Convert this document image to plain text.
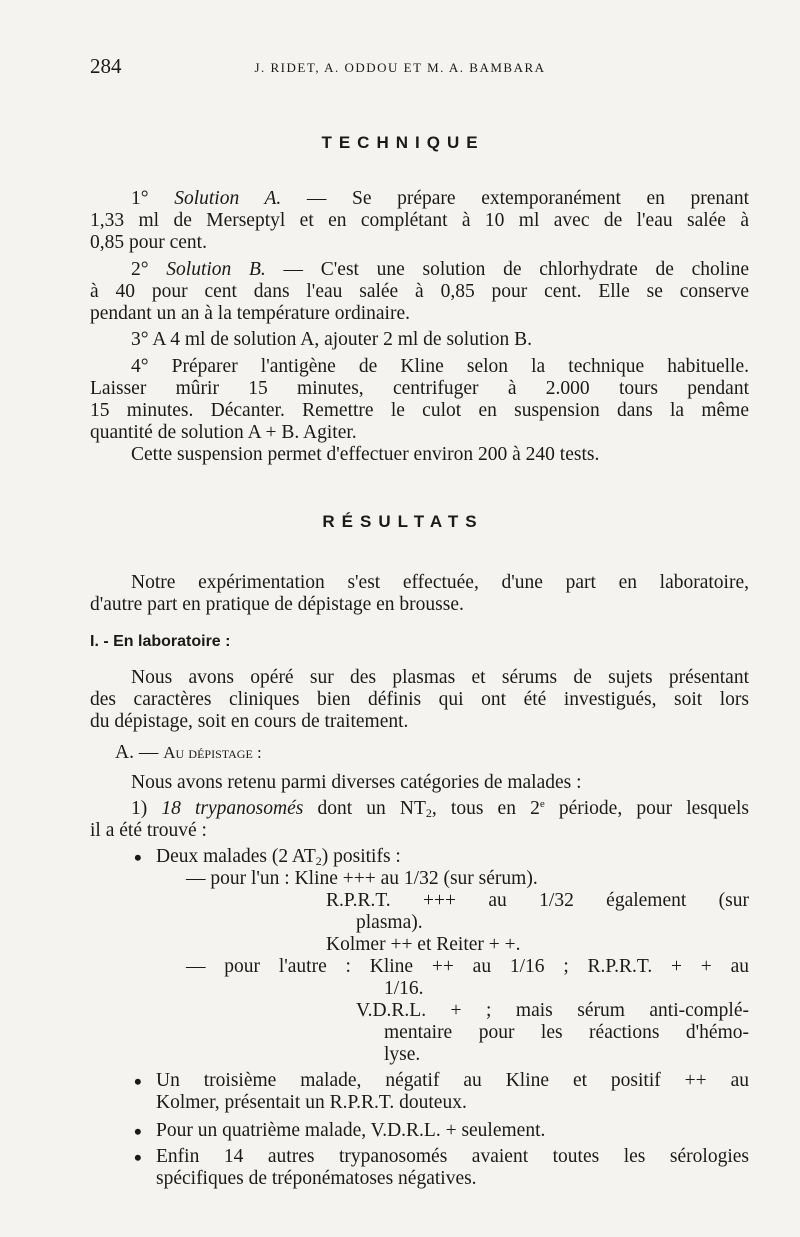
284	J. RIDET, A. ODDOU ET M. A. BAMBARA
TECHNIQUE
1° Solution A. — Se prépare extemporanément en prenant
1,33 ml de Merseptyl et en complétant à 10 ml avec de l'eau salée à
0,85 pour cent.
2° Solution B. — C'est une solution de chlorhydrate de choline
à 40 pour cent dans l'eau salée à 0,85 pour cent. Elle se conserve
pendant un an à la température ordinaire.
3° A 4 ml de solution A, ajouter 2 ml de solution B.
4° Préparer l'antigène de Kline selon la technique habituelle.
Laisser mûrir 15 minutes, centrifuger à 2.000 tours pendant
15 minutes. Décanter. Remettre le culot en suspension dans la même
quantité de solution A + B. Agiter.
Cette suspension permet d'effectuer environ 200 à 240 tests.
RÉSULTATS
Notre expérimentation s'est effectuée, d'une part en laboratoire,
d'autre part en pratique de dépistage en brousse.
I. - En laboratoire :
Nous avons opéré sur des plasmas et sérums de sujets présentant
des caractères cliniques bien définis qui ont été investigués, soit lors
du dépistage, soit en cours de traitement.
A. — Au dépistage :
Nous avons retenu parmi diverses catégories de malades :
1) 18 trypanosomés dont un $NT_2$, tous en 2e période, pour lesquels
il a été trouvé :
• Deux malades (2 $AT_2$) positifs :
— pour l'un : Kline +++ au 1/32 (sur sérum).
R.P.R.T. +++ au 1/32 également (sur
plasma).
Kolmer ++ et Reiter + +.
— pour l'autre : Kline ++ au 1/16 ; R.P.R.T. + + au
1/16.
V.D.R.L. + ; mais sérum anti-complé-
mentaire pour les réactions d'hémo-
lyse.
• Un troisième malade, négatif au Kline et positif ++ au
Kolmer, présentait un R.P.R.T. douteux.
• Pour un quatrième malade, V.D.R.L. + seulement.
• Enfin 14 autres trypanosomés avaient toutes les sérologies
spécifiques de tréponématoses négatives.
